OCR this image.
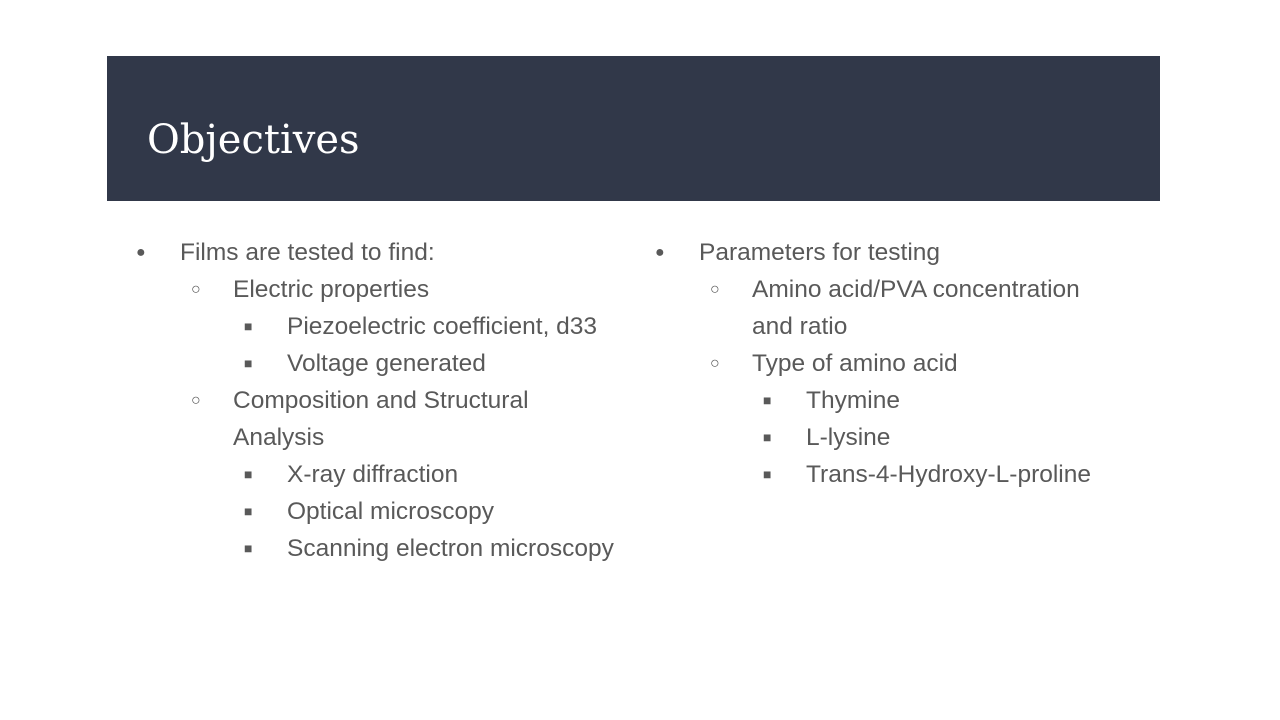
Objectives
● Films are tested to find:
○ Electric properties
■ Piezoelectric coefficient, d33
■ Voltage generated
○ Composition and Structural
Analysis
■ X-ray diffraction
■ Optical microscopy
■ Scanning electron microscopy
● Parameters for testing
○ Amino acid/PVA concentration
and ratio
○ Type of amino acid
■ Thymine
■ L-lysine
■ Trans-4-Hydroxy-L-proline
